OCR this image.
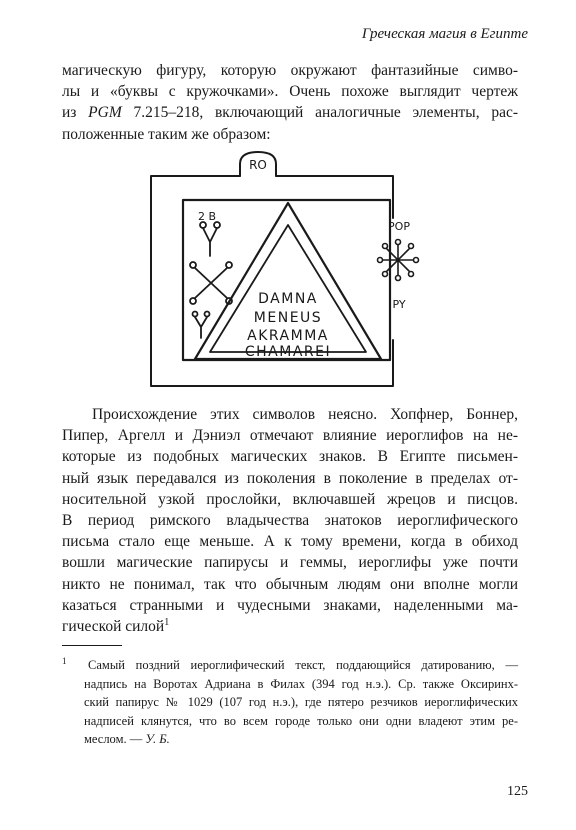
Греческая магия в Египте
магическую фигуру, которую окружают фантазийные симво-
лы и «буквы с кружочками». Очень похоже выглядит чертеж
из PGM 7.215–218, включающий аналогичные элементы, рас-
положенные таким же образом:
RO
POP
PY
2 B
DAMNA
MENEUS
AKRAMMA
CHAMAREI
Происхождение этих символов неясно. Хопфнер, Боннер,
Пипер, Аргелл и Дэниэл отмечают влияние иероглифов на не-
которые из подобных магических знаков. В Египте письмен-
ный язык передавался из поколения в поколение в пределах от-
носительной узкой прослойки, включавшей жрецов и писцов.
В период римского владычества знатоков иероглифического
письма стало еще меньше. А к тому времени, когда в обиход
вошли магические папирусы и геммы, иероглифы уже почти
никто не понимал, так что обычным людям они вполне могли
казаться странными и чудесными знаками, наделенными ма-
гической силой$^1$
$^1$ Самый поздний иероглифический текст, поддающийся датированию, —
надпись на Воротах Адриана в Филах (394 год н.э.). Ср. также Оксиринх-
ский папирус № 1029 (107 год н.э.), где пятеро резчиков иероглифических
надписей клянутся, что во всем городе только они одни владеют этим ре-
меслом. — У. Б.
125
